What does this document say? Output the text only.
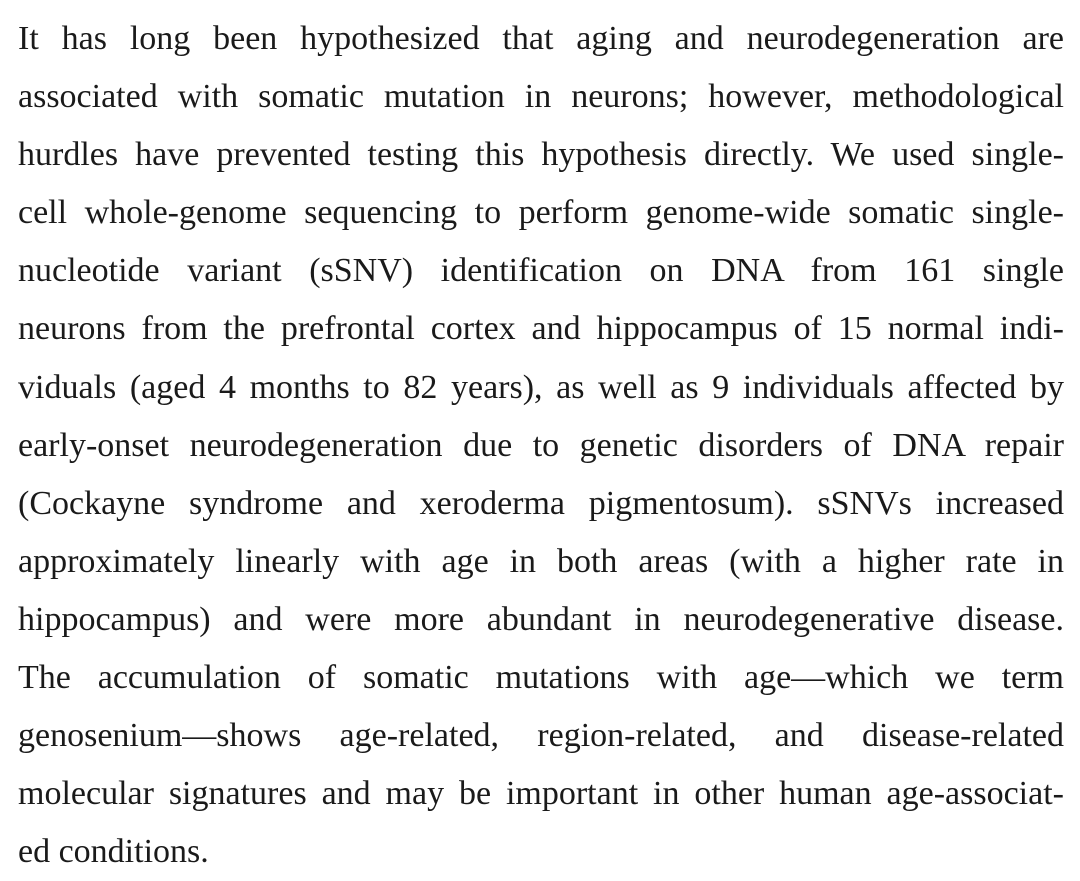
It has long been hypothesized that aging and neurodegeneration are
associated with somatic mutation in neurons; however, methodological
hurdles have prevented testing this hypothesis directly. We used single-
cell whole-genome sequencing to perform genome-wide somatic single-
nucleotide variant (sSNV) identification on DNA from 161 single
neurons from the prefrontal cortex and hippocampus of 15 normal indi-
viduals (aged 4 months to 82 years), as well as 9 individuals affected by
early-onset neurodegeneration due to genetic disorders of DNA repair
(Cockayne syndrome and xeroderma pigmentosum). sSNVs increased
approximately linearly with age in both areas (with a higher rate in
hippocampus) and were more abundant in neurodegenerative disease.
The accumulation of somatic mutations with age—which we term
genosenium—shows age-related, region-related, and disease-related
molecular signatures and may be important in other human age-associat-
ed conditions.
